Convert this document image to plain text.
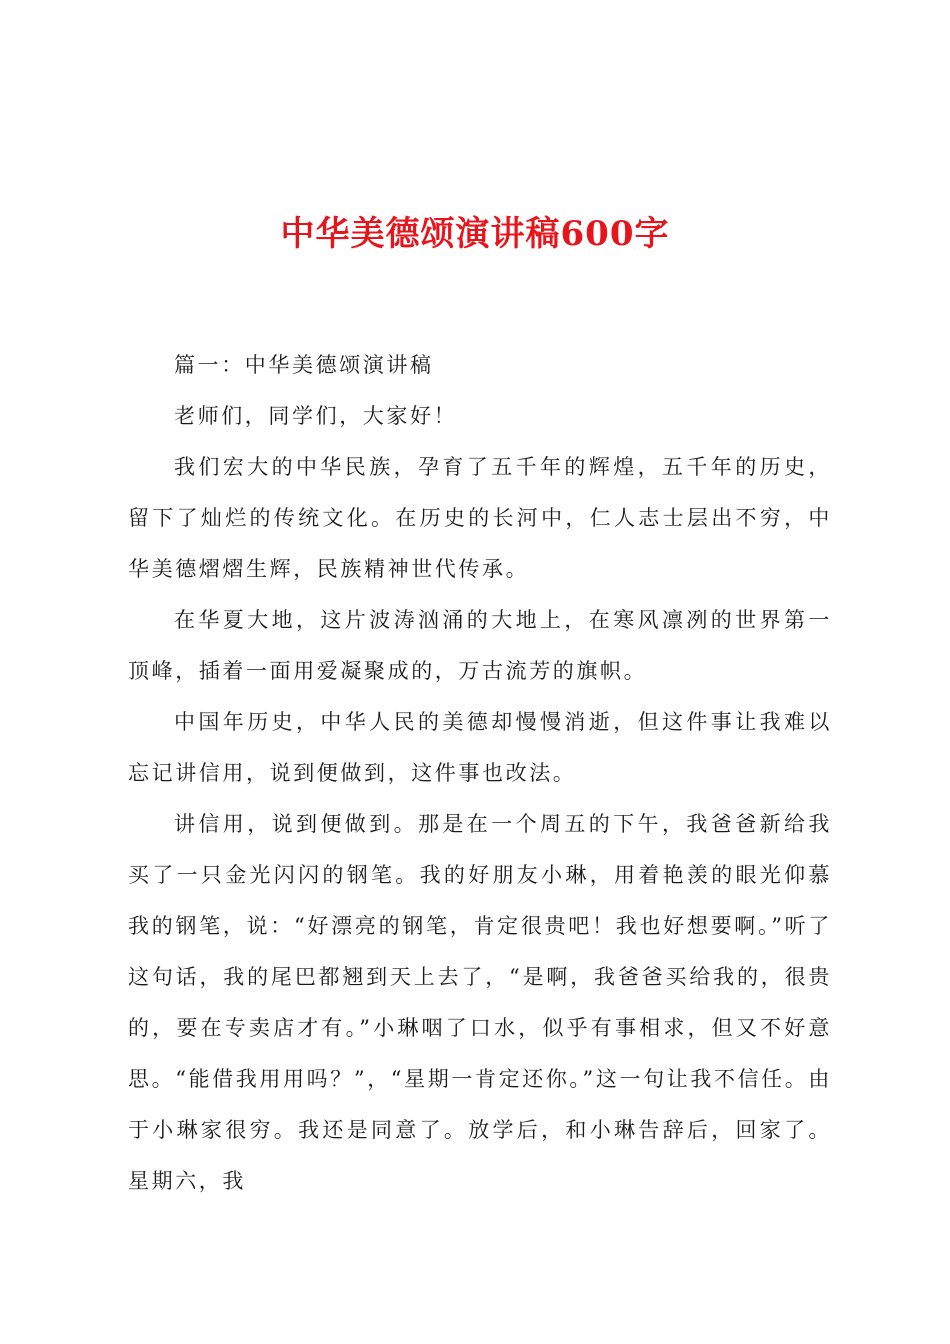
中华美德颂演讲稿600字

篇一：中华美德颂演讲稿

老师们，同学们，大家好！

我们宏大的中华民族，孕育了五千年的辉煌，五千年的历史，留下了灿烂的传统文化。在历史的长河中，仁人志士层出不穷，中华美德熠熠生辉，民族精神世代传承。

在华夏大地，这片波涛汹涌的大地上，在寒风凛冽的世界第一顶峰，插着一面用爱凝聚成的，万古流芳的旗帜。

中国年历史，中华人民的美德却慢慢消逝，但这件事让我难以忘记讲信用，说到便做到，这件事也改法。

讲信用，说到便做到。那是在一个周五的下午，我爸爸新给我买了一只金光闪闪的钢笔。我的好朋友小琳，用着艳羡的眼光仰慕我的钢笔，说：“好漂亮的钢笔，肯定很贵吧！我也好想要啊。”听了这句话，我的尾巴都翘到天上去了，“是啊，我爸爸买给我的，很贵的，要在专卖店才有。”小琳咽了口水，似乎有事相求，但又不好意思。“能借我用用吗？”，“星期一肯定还你。”这一句让我不信任。由于小琳家很穷。我还是同意了。放学后，和小琳告辞后，回家了。星期六，我
